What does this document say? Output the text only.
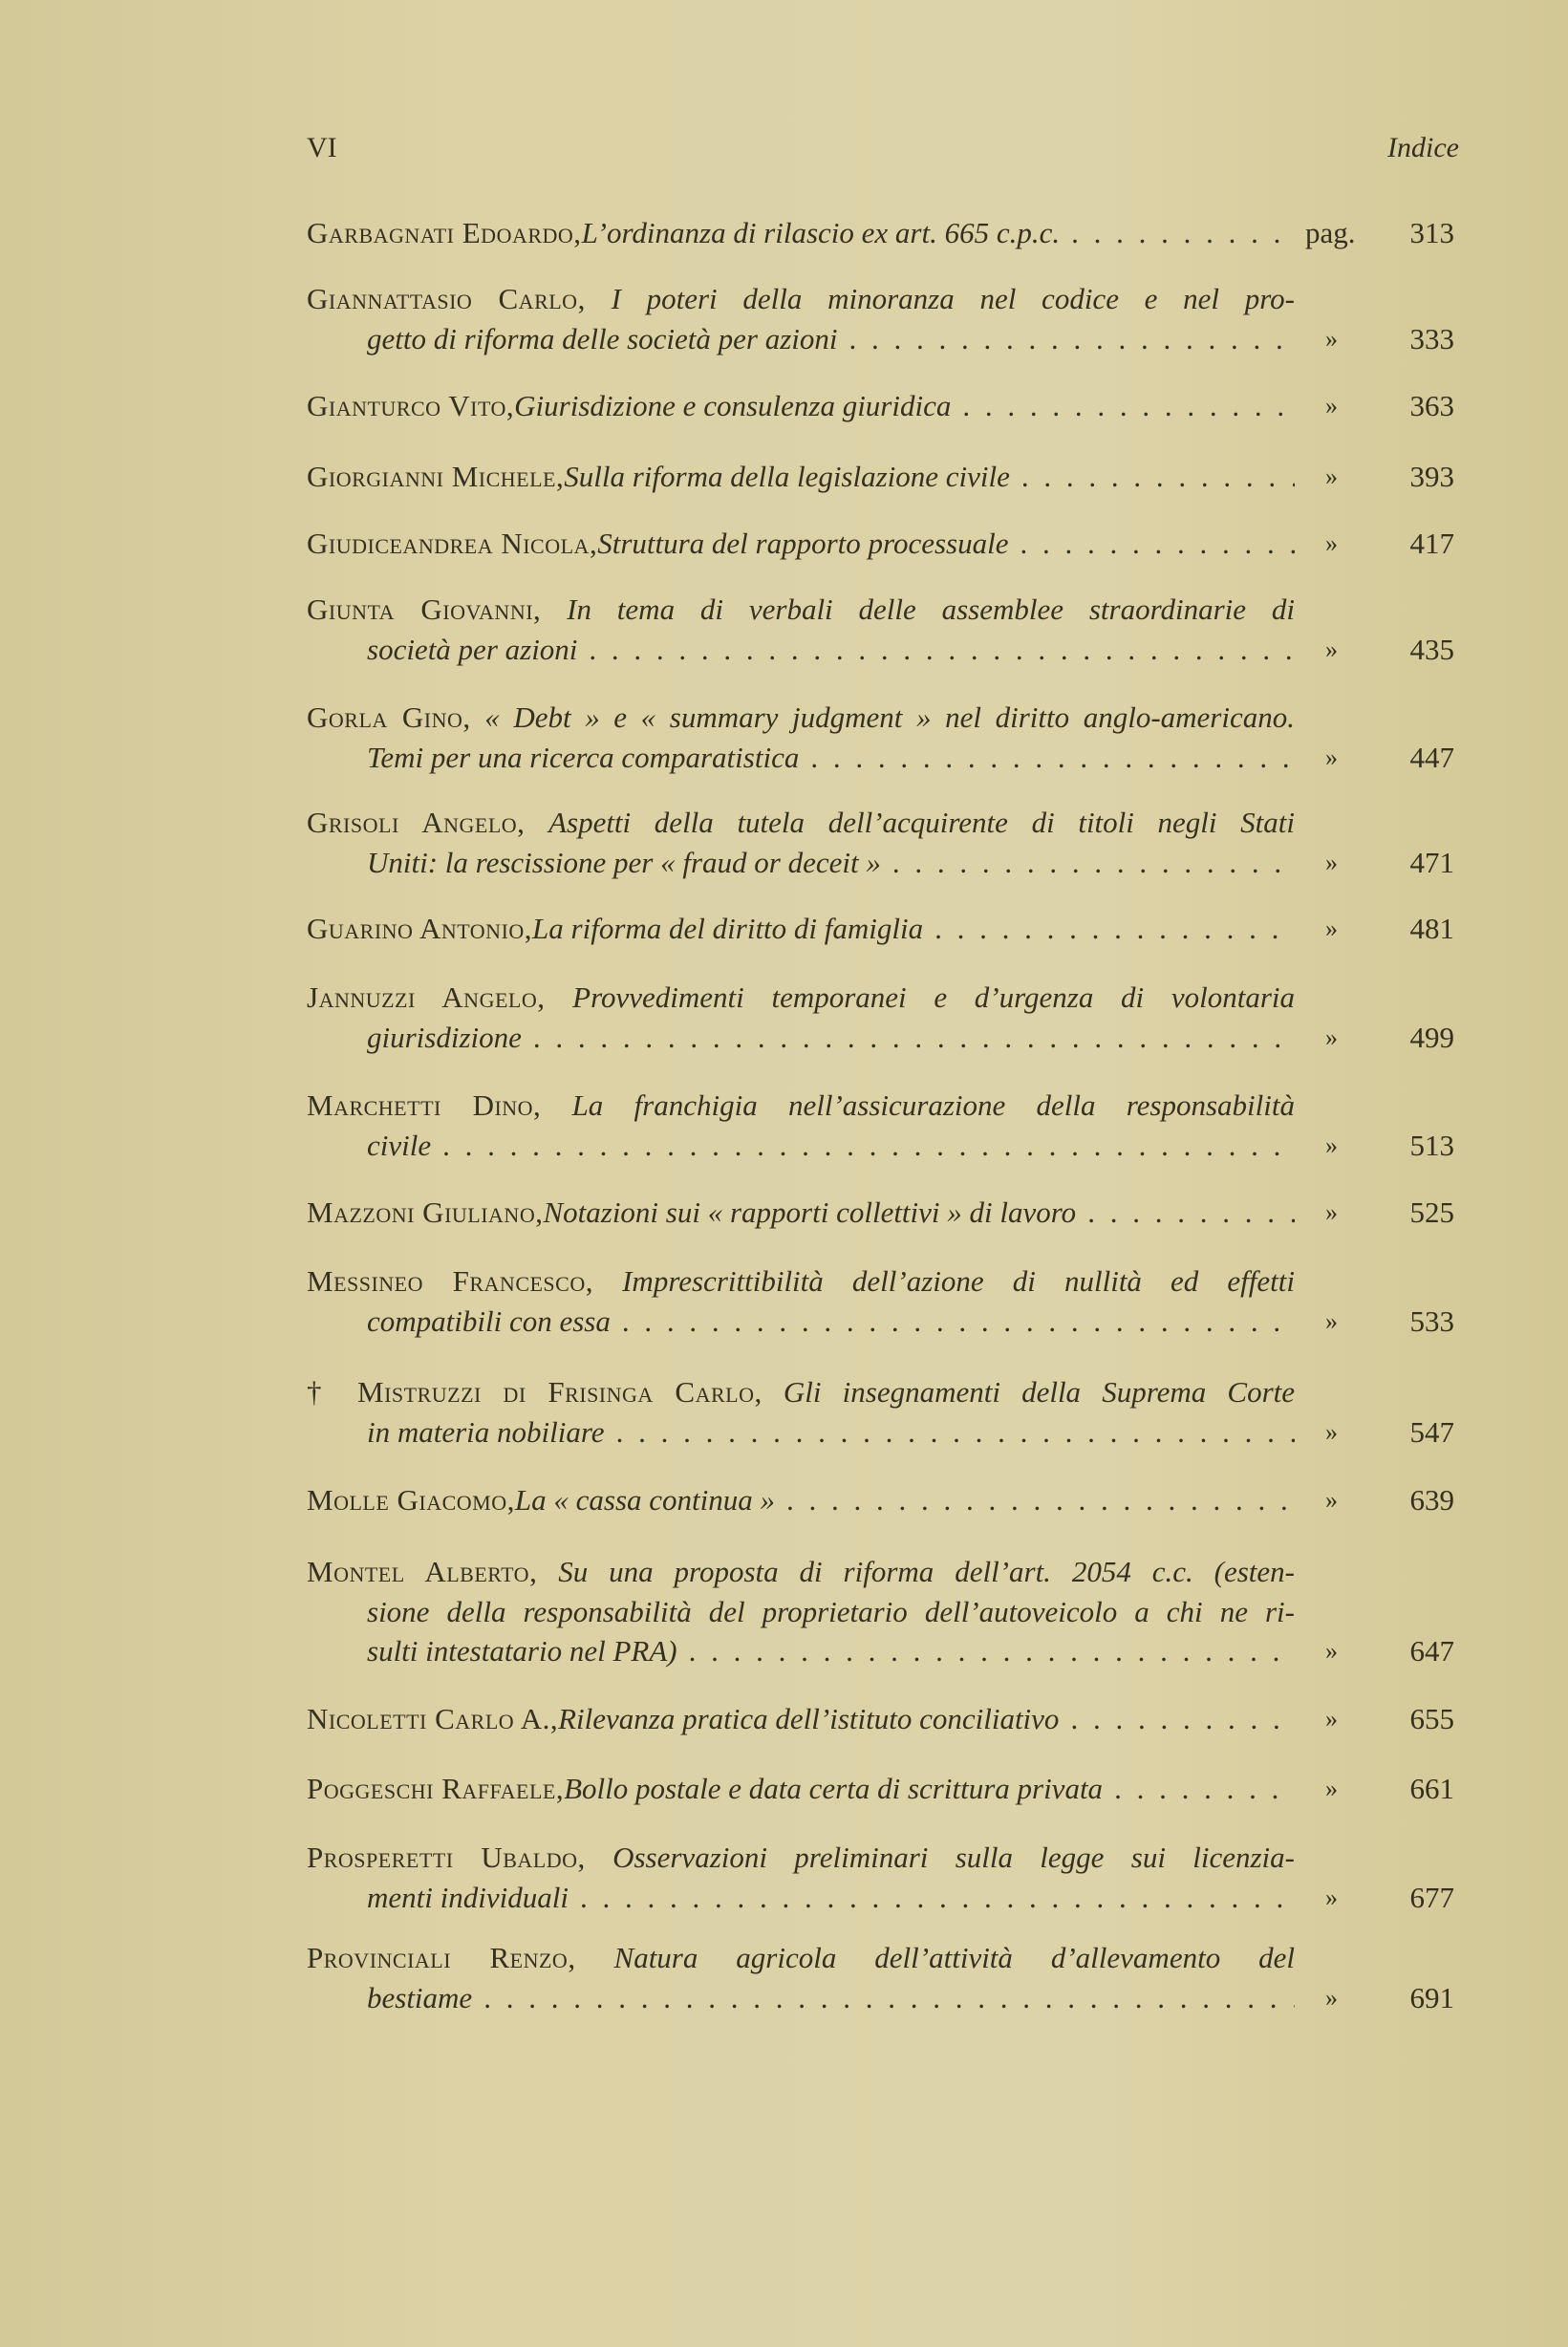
VI	Indice
Garbagnati Edoardo, L’ordinanza di rilascio ex art. 665 c.p.c. . . .	pag.	313
Giannattasio Carlo, I poteri della minoranza nel codice e nel pro-
getto di riforma delle società per azioni . . .	»	333
Gianturco Vito, Giurisdizione e consulenza giuridica . . .	»	363
Giorgianni Michele, Sulla riforma della legislazione civile . . .	»	393
Giudiceandrea Nicola, Struttura del rapporto processuale . . .	»	417
Giunta Giovanni, In tema di verbali delle assemblee straordinarie di
società per azioni . . .	»	435
Gorla Gino, « Debt » e « summary judgment » nel diritto anglo-americano.
Temi per una ricerca comparatistica . . .	»	447
Grisoli Angelo, Aspetti della tutela dell’acquirente di titoli negli Stati
Uniti: la rescissione per « fraud or deceit » . . .	»	471
Guarino Antonio, La riforma del diritto di famiglia . . .	»	481
Jannuzzi Angelo, Provvedimenti temporanei e d’urgenza di volontaria
giurisdizione . . .	»	499
Marchetti Dino, La franchigia nell’assicurazione della responsabilità
civile . . .	»	513
Mazzoni Giuliano, Notazioni sui « rapporti collettivi » di lavoro . . .	»	525
Messineo Francesco, Imprescrittibilità dell’azione di nullità ed effetti
compatibili con essa . . .	»	533
† Mistruzzi di Frisinga Carlo, Gli insegnamenti della Suprema Corte
in materia nobiliare . . .	»	547
Molle Giacomo, La « cassa continua » . . .	»	639
Montel Alberto, Su una proposta di riforma dell’art. 2054 c.c. (esten-
sione della responsabilità del proprietario dell’autoveicolo a chi ne ri-
sulti intestatario nel PRA) . . .	»	647
Nicoletti Carlo A., Rilevanza pratica dell’istituto conciliativo . . .	»	655
Poggeschi Raffaele, Bollo postale e data certa di scrittura privata . . .	»	661
Prosperetti Ubaldo, Osservazioni preliminari sulla legge sui licenzia-
menti individuali . . .	»	677
Provinciali Renzo, Natura agricola dell’attività d’allevamento del
bestiame . . .	»	691
